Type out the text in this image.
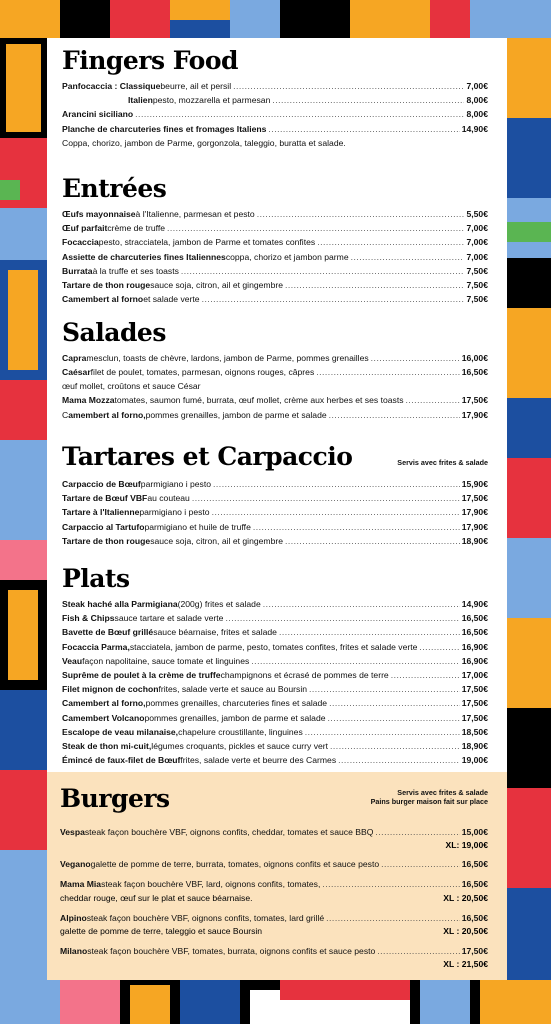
Fingers Food
Panfocaccia : Classique beurre, ail et persil .....	7,00€
Italien pesto, mozzarella et parmesan .....	8,00€
Arancini siciliano .....	8,00€
Planche de charcuteries fines et fromages Italiens .....	14,90€
Coppa, chorizo, jambon de Parme, gorgonzola, taleggio, buratta et salade.
Entrées
Œufs mayonnaise à l'Italienne, parmesan et pesto .....	5,50€
Œuf parfait crème de truffe .....	7,00€
Focaccia pesto, stracciatela, jambon de Parme et tomates confites .....	7,00€
Assiette de charcuteries fines Italiennes coppa, chorizo et jambon parme .....	7,00€
Burrata à la truffe et ses toasts .....	7,50€
Tartare de thon rouge sauce soja, citron, ail et gingembre .....	7,50€
Camembert al forno et salade verte .....	7,50€
Salades
Capra mesclun, toasts de chèvre, lardons, jambon de Parme, pommes grenailles .....	16,00€
Caésar filet de poulet, tomates, parmesan, oignons rouges, câpres .....	16,50€
œuf mollet, croûtons et sauce César
Mama Mozza tomates, saumon fumé, burrata, œuf mollet, crème aux herbes et ses toasts .....	17,50€
C amembert al forno, pommes grenailles, jambon de parme et salade .....	17,90€
Tartares et Carpaccio	Servis avec frites & salade
Carpaccio de Bœuf parmigiano i pesto .....	15,90€
Tartare de Bœuf VBF au couteau .....	17,50€
Tartare à l'Italienne parmigiano i pesto .....	17,90€
Carpaccio al Tartufo parmigiano et huile de truffe .....	17,90€
Tartare de thon rouge sauce soja, citron, ail et gingembre .....	18,90€
Plats
Steak haché alla Parmigiana (200g) frites et salade .....	14,90€
Fish & Chips sauce tartare et salade verte .....	16,50€
Bavette de Bœuf grillé sauce béarnaise, frites et salade .....	16,50€
Focaccia Parma, stacciatela, jambon de parme, pesto, tomates confites, frites et salade verte .....	16,90€
Veau façon napolitaine, sauce tomate et linguines .....	16,90€
Suprême de poulet à la crème de truffe champignons et écrasé de pommes de terre .....	17,00€
Filet mignon de cochon frites, salade verte et sauce au Boursin .....	17,50€
Camembert al forno, pommes grenailles, charcuteries fines et salade .....	17,50€
Camembert Volcano pommes grenailles, jambon de parme et salade .....	17,50€
Escalope de veau milanaise, chapelure croustillante, linguines .....	18,50€
Steak de thon mi-cuit, légumes croquants, pickles et sauce curry vert .....	18,90€
Émincé de faux-filet de Bœuf frites, salade verte et beurre des Carmes .....	19,00€
Burgers	Servis avec frites & salade
Pains burger maison fait sur place
Vespa steak façon bouchère VBF, oignons confits, cheddar, tomates et sauce BBQ .....	15,00€
XL: 19,00€
Vegano galette de pomme de terre, burrata, tomates, oignons confits et sauce pesto .....	16,50€
Mama Mia steak façon bouchère VBF, lard, oignons confits, tomates, .....	16,50€
cheddar rouge, œuf sur le plat et sauce béarnaise.	XL : 20,50€
Alpino steak façon bouchère VBF, oignons confits, tomates, lard grillé .....	16,50€
galette de pomme de terre, taleggio et sauce Boursin	XL : 20,50€
Milano steak façon bouchère VBF, tomates, burrata, oignons confits et sauce pesto .....	17,50€
XL : 21,50€
